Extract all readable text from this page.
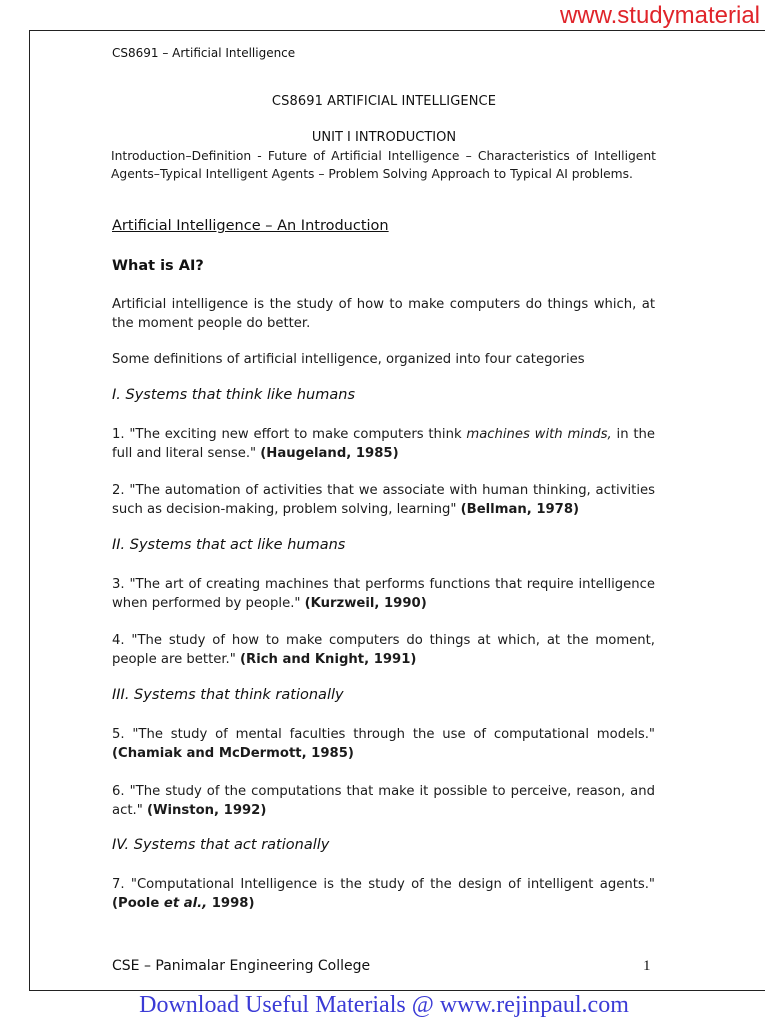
www.studymaterial
CS8691 – Artificial Intelligence
CS8691 ARTIFICIAL INTELLIGENCE
UNIT I INTRODUCTION
Introduction–Definition - Future of Artificial Intelligence – Characteristics of Intelligent Agents–Typical Intelligent Agents – Problem Solving Approach to Typical AI problems.
Artificial Intelligence – An Introduction
What is AI?
Artificial intelligence is the study of how to make computers do things which, at the moment people do better.
Some definitions of artificial intelligence, organized into four categories
I. Systems that think like humans
1. "The exciting new effort to make computers think machines with minds, in the full and literal sense." (Haugeland, 1985)
2. "The automation of activities that we associate with human thinking, activities such as decision-making, problem solving, learning" (Bellman, 1978)
II. Systems that act like humans
3. "The art of creating machines that performs functions that require intelligence when performed by people." (Kurzweil, 1990)
4. "The study of how to make computers do things at which, at the moment, people are better." (Rich and Knight, 1991)
III. Systems that think rationally
5. "The study of mental faculties through the use of computational models." (Chamiak and McDermott, 1985)
6. "The study of the computations that make it possible to perceive, reason, and act." (Winston, 1992)
IV. Systems that act rationally
7. "Computational Intelligence is the study of the design of intelligent agents." (Poole et al., 1998)
CSE – Panimalar Engineering College	1
Download Useful Materials @ www.rejinpaul.com
